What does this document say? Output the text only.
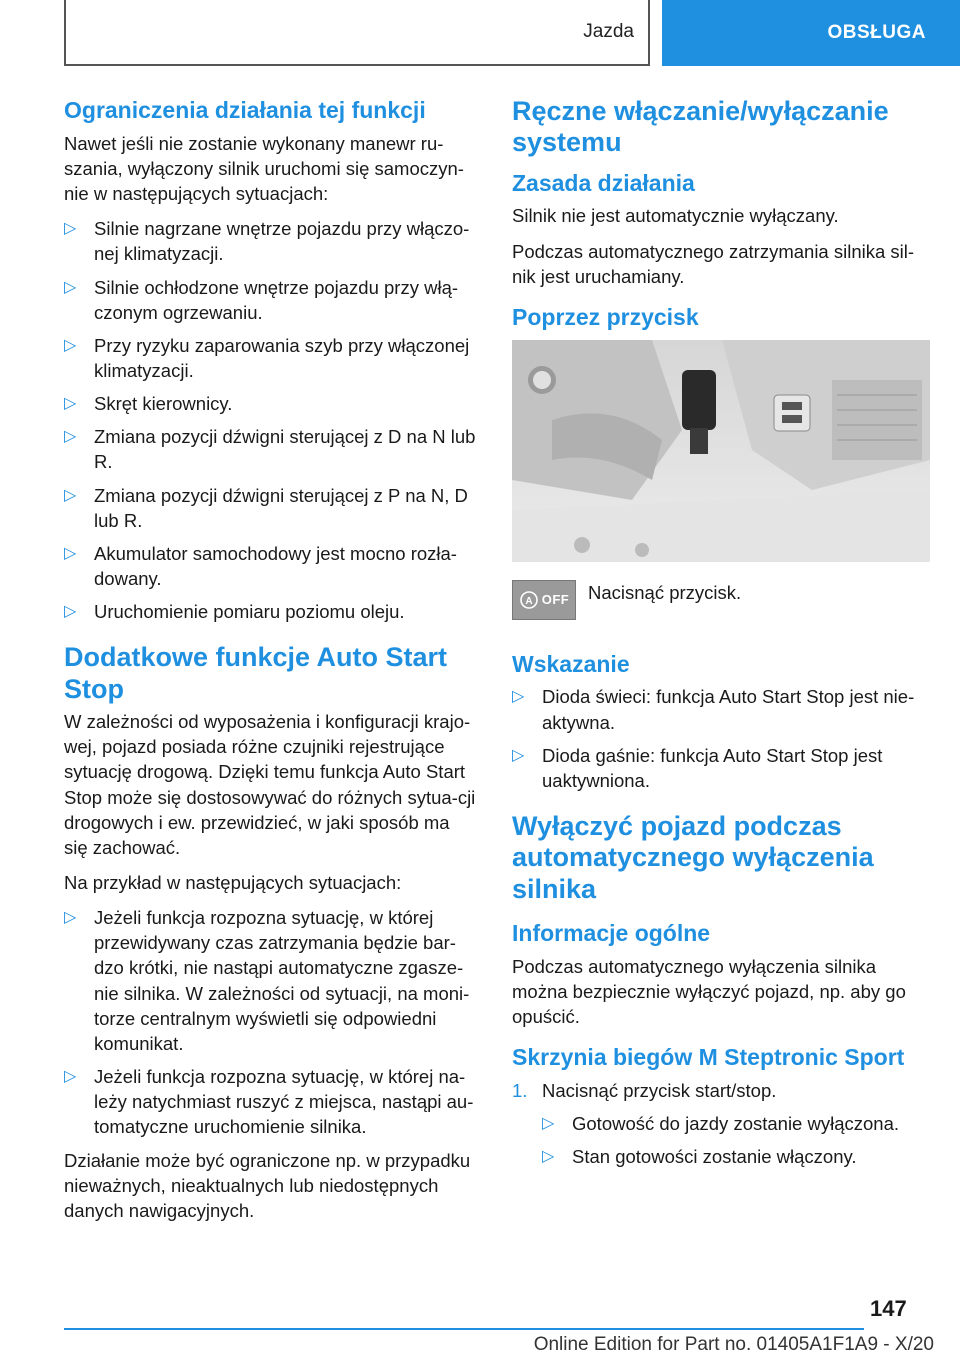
Jazda	OBSŁUGA
Ograniczenia działania tej funkcji

Nawet jeśli nie zostanie wykonany manewr ru-szania, wyłączony silnik uruchomi się samoczyn-nie w następujących sytuacjach:

▷ Silnie nagrzane wnętrze pojazdu przy włączo-nej klimatyzacji.
▷ Silnie ochłodzone wnętrze pojazdu przy włą-czonym ogrzewaniu.
▷ Przy ryzyku zaparowania szyb przy włączonej klimatyzacji.
▷ Skręt kierownicy.
▷ Zmiana pozycji dźwigni sterującej z D na N lub R.
▷ Zmiana pozycji dźwigni sterującej z P na N, D lub R.
▷ Akumulator samochodowy jest mocno rozła-dowany.
▷ Uruchomienie pomiaru poziomu oleju.
Dodatkowe funkcje Auto Start Stop

W zależności od wyposażenia i konfiguracji krajo-wej, pojazd posiada różne czujniki rejestrujące sytuację drogową. Dzięki temu funkcja Auto Start Stop może się dostosowywać do różnych sytua-cji drogowych i ew. przewidzieć, w jaki sposób ma się zachować.

Na przykład w następujących sytuacjach:

▷ Jeżeli funkcja rozpozna sytuację, w której przewidywany czas zatrzymania będzie bar-dzo krótki, nie nastąpi automatyczne zgasze-nie silnika. W zależności od sytuacji, na moni-torze centralnym wyświetli się odpowiedni komunikat.
▷ Jeżeli funkcja rozpozna sytuację, w której na-leży natychmiast ruszyć z miejsca, nastąpi au-tomatyczne uruchomienie silnika.

Działanie może być ograniczone np. w przypadku nieważnych, nieaktualnych lub niedostępnych danych nawigacyjnych.

Ręczne włączanie/wyłączanie systemu
Zasada działania

Silnik nie jest automatycznie wyłączany.

Podczas automatycznego zatrzymania silnika sil-nik jest uruchamiany.

Poprzez przycisk
A OFF Nacisnąć przycisk.

Wskazanie
▷ Dioda świeci: funkcja Auto Start Stop jest nie-aktywna.
▷ Dioda gaśnie: funkcja Auto Start Stop jest uaktywniona.
Wyłączyć pojazd podczas automatycznego wyłączenia silnika
Informacje ogólne

Podczas automatycznego wyłączenia silnika można bezpiecznie wyłączyć pojazd, np. aby go opuścić.

Skrzynia biegów M Steptronic Sport
1. Nacisnąć przycisk start/stop.
▷ Gotowość do jazdy zostanie wyłączona.
▷ Stan gotowości zostanie włączony.
147
Online Edition for Part no. 01405A1F1A9 - X/20
